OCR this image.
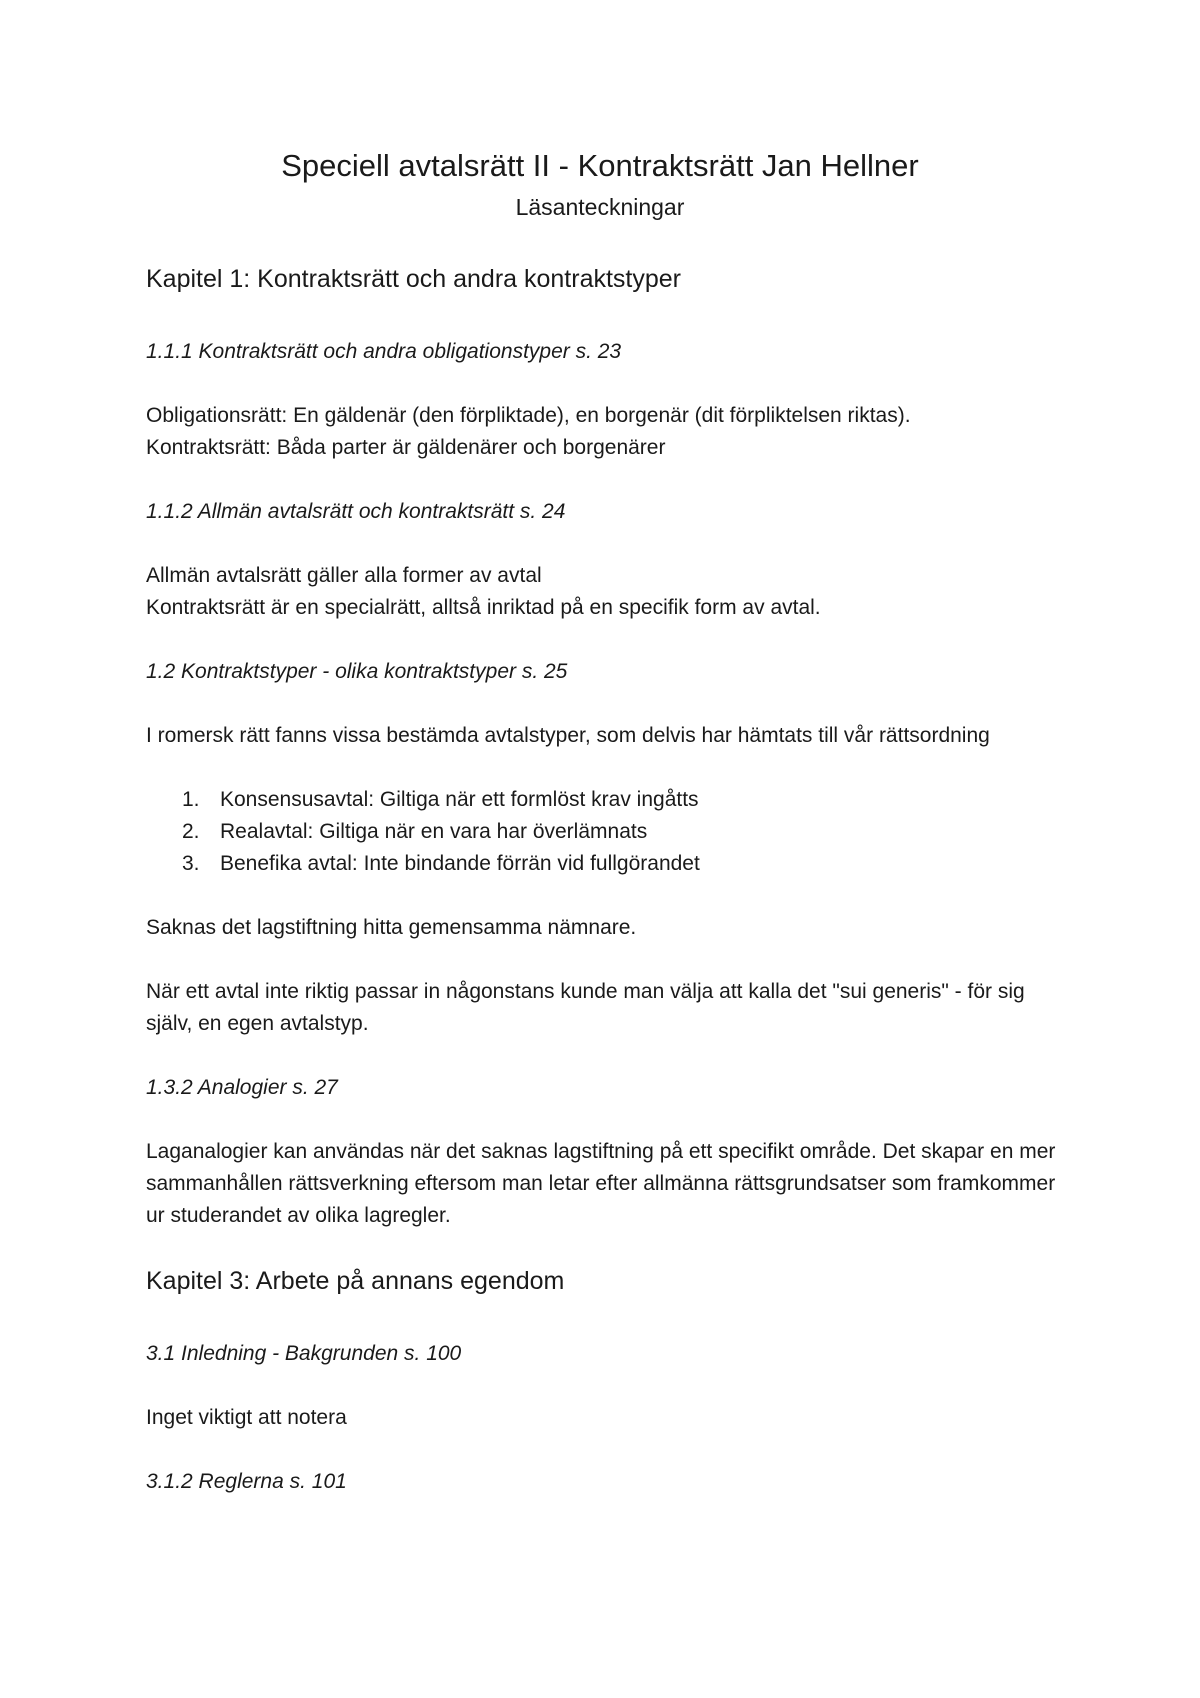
Speciell avtalsrätt II - Kontraktsrätt Jan Hellner
Läsanteckningar
Kapitel 1: Kontraktsrätt och andra kontraktstyper
1.1.1 Kontraktsrätt och andra obligationstyper s. 23

Obligationsrätt: En gäldenär (den förpliktade), en borgenär (dit förpliktelsen riktas).
Kontraktsrätt: Båda parter är gäldenärer och borgenärer

1.1.2 Allmän avtalsrätt och kontraktsrätt s. 24

Allmän avtalsrätt gäller alla former av avtal
Kontraktsrätt är en specialrätt, alltså inriktad på en specifik form av avtal.

1.2 Kontraktstyper - olika kontraktstyper s. 25

I romersk rätt fanns vissa bestämda avtalstyper, som delvis har hämtats till vår rättsordning

1. Konsensusavtal: Giltiga när ett formlöst krav ingåtts
2. Realavtal: Giltiga när en vara har överlämnats
3. Benefika avtal: Inte bindande förrän vid fullgörandet

Saknas det lagstiftning hitta gemensamma nämnare.

När ett avtal inte riktig passar in någonstans kunde man välja att kalla det "sui generis" - för sig själv, en egen avtalstyp.

1.3.2 Analogier s. 27

Laganalogier kan användas när det saknas lagstiftning på ett specifikt område. Det skapar en mer sammanhållen rättsverkning eftersom man letar efter allmänna rättsgrundsatser som framkommer ur studerandet av olika lagregler.

Kapitel 3: Arbete på annans egendom
3.1 Inledning - Bakgrunden s. 100

Inget viktigt att notera

3.1.2 Reglerna s. 101
